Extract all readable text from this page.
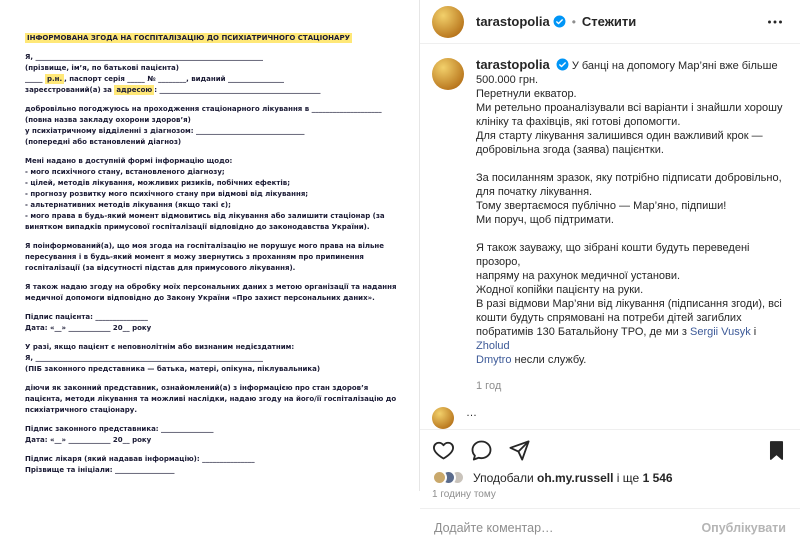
ІНФОРМОВАНА ЗГОДА НА ГОСПІТАЛІЗАЦІЮ ДО ПСИХІАТРИЧНОГО СТАЦІОНАРУ
Я, _________________________________________________________________
(прізвище, ім’я, по батькові пацієнта)
_____ р.н. , паспорт серія _____ № ________, виданий ________________
зареєстрований(а) за адресою : ______________________________________________
добровільно погоджуюсь на проходження стаціонарного лікування в ____________________
(повна назва закладу охорони здоров’я)
у психіатричному відділенні з діагнозом: _______________________________
(попередні або встановлений діагноз)
Мені надано в доступній формі інформацію щодо:
- мого психічного стану, встановленого діагнозу;
- цілей, методів лікування, можливих ризиків, побічних ефектів;
- прогнозу розвитку мого психічного стану при відмові від лікування;
- альтернативних методів лікування (якщо такі є);
- мого права в будь-який момент відмовитись від лікування або залишити стаціонар (за винятком випадків примусової госпіталізації відповідно до законодавства України).
Я поінформований(а), що моя згода на госпіталізацію не порушує мого права на вільне пересування і в будь-який момент я можу звернутись з проханням про припинення госпіталізації (за відсутності підстав для примусового лікування).
Я також надаю згоду на обробку моїх персональних даних з метою організації та надання медичної допомоги відповідно до Закону України «Про захист персональних даних».
Підпис пацієнта: _______________
Дата: «__» ____________ 20__ року
У разі, якщо пацієнт є неповнолітнім або визнаним недієздатним:
Я, _________________________________________________________________
(ПІБ законного представника — батька, матері, опікуна, піклувальника)
діючи як законний представник, ознайомлений(а) з інформацією про стан здоров’я пацієнта, методи лікування та можливі наслідки, надаю згоду на його/її госпіталізацію до психіатричного стаціонару.
Підпис законного представника: _______________
Дата: «__» ____________ 20__ року
Підпис лікаря (який надавав інформацію): _______________
Прізвище та ініціали: _________________
tarastopolia • Стежити
tarastopolia У банці на допомогу Мар’яні вже більше
500.000 грн.
Перетнули екватор.
Ми ретельно проаналізували всі варіанти і знайшли хорошу
клініку та фахівців, які готові допомогти.
Для старту лікування залишився один важливий крок —
добровільна згода (заява) пацієнтки.

За посиланням зразок, яку потрібно підписати добровільно,
для початку лікування.
Тому звертаємося публічно — Мар’яно, підпиши!
Ми поруч, щоб підтримати.

Я також зауважу, що зібрані кошти будуть переведені прозоро,
напряму на рахунок медичної установи.
Жодної копійки пацієнту на руки.
В разі відмови Мар’яни від лікування (підписання згоди), всі
кошти будуть спрямовані на потреби дітей загиблих
побратимів 130 Батальйону ТРО, де ми з Sergii Vusyk і Zholud
Dmytro несли службу.
1 год
…
Уподобали oh.my.russell і ще 1 546
1 годину тому
Додайте коментар…
Опублікувати
